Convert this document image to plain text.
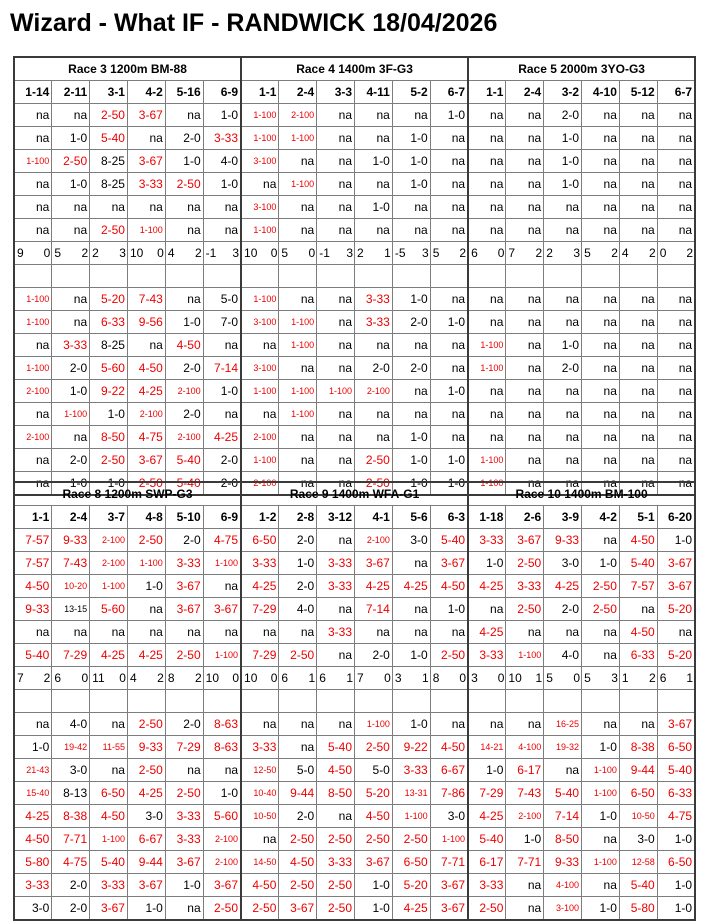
Wizard - What IF - RANDWICK 18/04/2026
Race 3 1200m BM-88						Race 4 1400m 3F-G3						Race 5 2000m 3YO-G3					
1-14	2-11	3-1	4-2	5-16	6-9	1-1	2-4	3-3	4-11	5-2	6-7	1-1	2-4	3-2	4-10	5-12	6-7
na	na	2-50	3-67	na	1-0	1-100	2-100	na	na	na	1-0	na	na	2-0	na	na	na
na	1-0	5-40	na	2-0	3-33	1-100	1-100	na	na	1-0	na	na	na	1-0	na	na	na
1-100	2-50	8-25	3-67	1-0	4-0	3-100	na	na	1-0	1-0	na	na	na	1-0	na	na	na
na	1-0	8-25	3-33	2-50	1-0	na	1-100	na	na	1-0	na	na	na	1-0	na	na	na
na	na	na	na	na	na	3-100	na	na	1-0	na	na	na	na	na	na	na	na
na	na	2-50	1-100	na	na	1-100	na	na	na	na	na	na	na	na	na	na	na

9 0	5 2	2 3	10 0	4 2	-1 3	10 0	5 0	-1 3	2 1	-5 3	5 2	6 0	7 2	2 3	5 2	4 2	0 2

1-100	na	5-20	7-43	na	5-0	1-100	na	na	3-33	1-0	na	na	na	na	na	na	na
1-100	na	6-33	9-56	1-0	7-0	3-100	1-100	na	3-33	2-0	1-0	na	na	na	na	na	na
na	3-33	8-25	na	4-50	na	na	1-100	na	na	na	na	1-100	na	1-0	na	na	na
1-100	2-0	5-60	4-50	2-0	7-14	3-100	na	na	2-0	2-0	na	1-100	na	2-0	na	na	na
2-100	1-0	9-22	4-25	2-100	1-0	1-100	1-100	1-100	2-100	na	1-0	na	na	na	na	na	na
na	1-100	1-0	2-100	2-0	na	na	1-100	na	na	na	na	na	na	na	na	na	na
2-100	na	8-50	4-75	2-100	4-25	2-100	na	na	na	1-0	na	na	na	na	na	na	na
na	2-0	2-50	3-67	5-40	2-0	1-100	na	na	2-50	1-0	1-0	1-100	na	na	na	na	na
na	1-0	1-0	2-50	5-40	2-0	2-100	na	na	2-50	1-0	1-0	1-100	na	na	na	na	na
Race 8 1200m SWP-G3						Race 9 1400m WFA-G1						Race 10 1400m BM-100					
1-1	2-4	3-7	4-8	5-10	6-9	1-2	2-8	3-12	4-1	5-6	6-3	1-18	2-6	3-9	4-2	5-1	6-20
7-57	9-33	2-100	2-50	2-0	4-75	6-50	2-0	na	2-100	3-0	5-40	3-33	3-67	9-33	na	4-50	1-0
7-57	7-43	2-100	1-100	3-33	1-100	3-33	1-0	3-33	3-67	na	3-67	1-0	2-50	3-0	1-0	5-40	3-67
4-50	10-20	1-100	1-0	3-67	na	4-25	2-0	3-33	4-25	4-25	4-50	4-25	3-33	4-25	2-50	7-57	3-67
9-33	13-15	5-60	na	3-67	3-67	7-29	4-0	na	7-14	na	1-0	na	2-50	2-0	2-50	na	5-20
na	na	na	na	na	na	na	na	3-33	na	na	na	4-25	na	na	na	4-50	na
5-40	7-29	4-25	4-25	2-50	1-100	7-29	2-50	na	2-0	1-0	2-50	3-33	1-100	4-0	na	6-33	5-20

7 2	6 0	11 0	4 2	8 2	10 0	10 0	6 1	6 1	7 0	3 1	8 0	3 0	10 1	5 0	5 3	1 2	6 1

na	4-0	na	2-50	2-0	8-63	na	na	na	1-100	1-0	na	na	na	16-25	na	na	3-67
1-0	19-42	11-55	9-33	7-29	8-63	3-33	na	5-40	2-50	9-22	4-50	14-21	4-100	19-32	1-0	8-38	6-50
21-43	3-0	na	2-50	na	na	12-50	5-0	4-50	5-0	3-33	6-67	1-0	6-17	na	1-100	9-44	5-40
15-40	8-13	6-50	4-25	2-50	1-0	10-40	9-44	8-50	5-20	13-31	7-86	7-29	7-43	5-40	1-100	6-50	6-33
4-25	8-38	4-50	3-0	3-33	5-60	10-50	2-0	na	4-50	1-100	3-0	4-25	2-100	7-14	1-0	10-50	4-75
4-50	7-71	1-100	6-67	3-33	2-100	na	2-50	2-50	2-50	2-50	1-100	5-40	1-0	8-50	na	3-0	1-0
5-80	4-75	5-40	9-44	3-67	2-100	14-50	4-50	3-33	3-67	6-50	7-71	6-17	7-71	9-33	1-100	12-58	6-50
3-33	2-0	3-33	3-67	1-0	3-67	4-50	2-50	2-50	1-0	5-20	3-67	3-33	na	4-100	na	5-40	1-0
3-0	2-0	3-67	1-0	na	2-50	2-50	3-67	2-50	1-0	4-25	3-67	2-50	na	3-100	1-0	5-80	1-0
